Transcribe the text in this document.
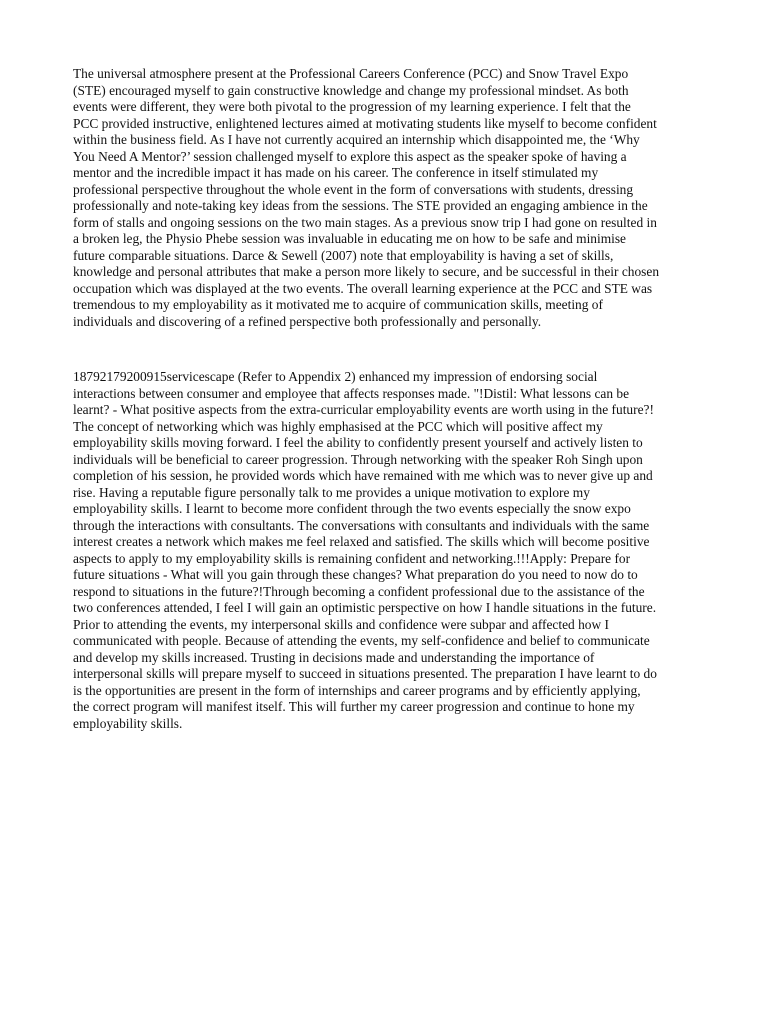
The universal atmosphere present at the Professional Careers Conference (PCC) and Snow Travel Expo
(STE) encouraged myself to gain constructive knowledge and change my professional mindset. As both
events were different, they were both pivotal to the progression of my learning experience. I felt that the
PCC provided instructive, enlightened lectures aimed at motivating students like myself to become confident
within the business field. As I have not currently acquired an internship which disappointed me, the ‘Why
You Need A Mentor?’ session challenged myself to explore this aspect as the speaker spoke of having a
mentor and the incredible impact it has made on his career. The conference in itself stimulated my
professional perspective throughout the whole event in the form of conversations with students, dressing
professionally and note-taking key ideas from the sessions. The STE provided an engaging ambience in the
form of stalls and ongoing sessions on the two main stages. As a previous snow trip I had gone on resulted in
a broken leg, the Physio Phebe session was invaluable in educating me on how to be safe and minimise
future comparable situations. Darce & Sewell (2007) note that employability is having a set of skills,
knowledge and personal attributes that make a person more likely to secure, and be successful in their chosen
occupation which was displayed at the two events. The overall learning experience at the PCC and STE was
tremendous to my employability as it motivated me to acquire of communication skills, meeting of
individuals and discovering of a refined perspective both professionally and personally.

18792179200915servicescape (Refer to Appendix 2) enhanced my impression of endorsing social
interactions between consumer and employee that affects responses made. "!Distil: What lessons can be
learnt? - What positive aspects from the extra-curricular employability events are worth using in the future?!
The concept of networking which was highly emphasised at the PCC which will positive affect my
employability skills moving forward. I feel the ability to confidently present yourself and actively listen to
individuals will be beneficial to career progression. Through networking with the speaker Roh Singh upon
completion of his session, he provided words which have remained with me which was to never give up and
rise. Having a reputable figure personally talk to me provides a unique motivation to explore my
employability skills. I learnt to become more confident through the two events especially the snow expo
through the interactions with consultants. The conversations with consultants and individuals with the same
interest creates a network which makes me feel relaxed and satisfied. The skills which will become positive
aspects to apply to my employability skills is remaining confident and networking.!!!Apply: Prepare for
future situations - What will you gain through these changes? What preparation do you need to now do to
respond to situations in the future?!Through becoming a confident professional due to the assistance of the
two conferences attended, I feel I will gain an optimistic perspective on how I handle situations in the future.
Prior to attending the events, my interpersonal skills and confidence were subpar and affected how I
communicated with people. Because of attending the events, my self-confidence and belief to communicate
and develop my skills increased. Trusting in decisions made and understanding the importance of
interpersonal skills will prepare myself to succeed in situations presented. The preparation I have learnt to do
is the opportunities are present in the form of internships and career programs and by efficiently applying,
the correct program will manifest itself. This will further my career progression and continue to hone my
employability skills.
